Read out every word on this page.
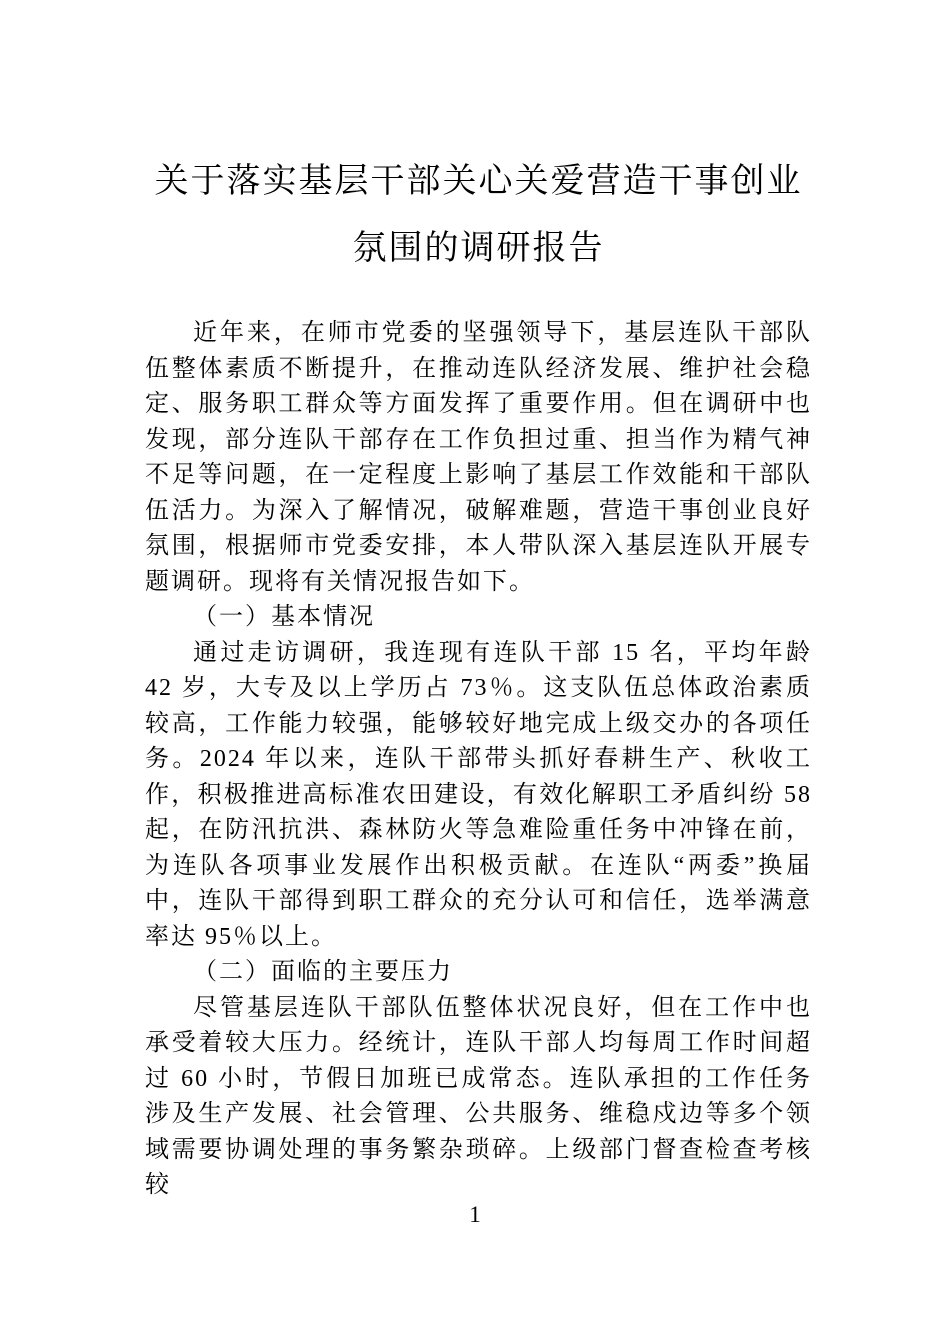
关于落实基层干部关心关爱营造干事创业
氛围的调研报告

近年来，在师市党委的坚强领导下，基层连队干部队伍整体素质不断提升，在推动连队经济发展、维护社会稳定、服务职工群众等方面发挥了重要作用。但在调研中也发现，部分连队干部存在工作负担过重、担当作为精气神不足等问题，在一定程度上影响了基层工作效能和干部队伍活力。为深入了解情况，破解难题，营造干事创业良好氛围，根据师市党委安排，本人带队深入基层连队开展专题调研。现将有关情况报告如下。

（一）基本情况

通过走访调研，我连现有连队干部 15 名，平均年龄 42 岁，大专及以上学历占 73％。这支队伍总体政治素质较高，工作能力较强，能够较好地完成上级交办的各项任务。2024 年以来，连队干部带头抓好春耕生产、秋收工作，积极推进高标准农田建设，有效化解职工矛盾纠纷 58 起，在防汛抗洪、森林防火等急难险重任务中冲锋在前，为连队各项事业发展作出积极贡献。在连队“两委”换届中，连队干部得到职工群众的充分认可和信任，选举满意率达 95％以上。

（二）面临的主要压力

尽管基层连队干部队伍整体状况良好，但在工作中也承受着较大压力。经统计，连队干部人均每周工作时间超过 60 小时，节假日加班已成常态。连队承担的工作任务涉及生产发展、社会管理、公共服务、维稳戍边等多个领域需要协调处理的事务繁杂琐碎。上级部门督查检查考核较

1
